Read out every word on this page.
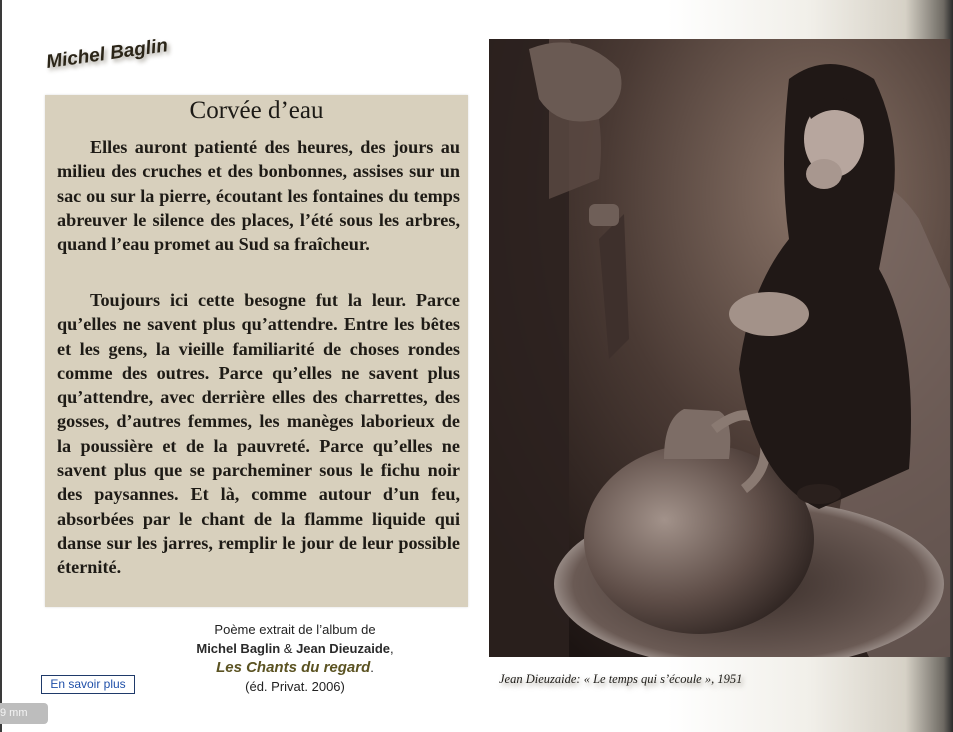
Michel Baglin
Corvée d’eau

Elles auront patienté des heures, des jours au milieu des cruches et des bonbonnes, assises sur un sac ou sur la pierre, écoutant les fontaines du temps abreuver le silence des places, l’été sous les arbres, quand l’eau promet au Sud sa fraîcheur.

Toujours ici cette besogne fut la leur. Parce qu’elles ne savent plus qu’attendre. Entre les bêtes et les gens, la vieille familiarité de choses rondes comme des outres. Parce qu’elles ne savent plus qu’attendre, avec derrière elles des charrettes, des gosses, d’autres femmes, les manèges laborieux de la poussière et de la pauvreté. Parce qu’elles ne savent plus que se parcheminer sous le fichu noir des paysannes. Et là, comme autour d’un feu, absorbées par le chant de la flamme liquide qui danse sur les jarres, remplir le jour de leur possible éternité.

Poème extrait de l’album de
Michel Baglin & Jean Dieuzaide,
Les Chants du regard.
(éd. Privat. 2006)
En savoir plus
9 mm
Jean Dieuzaide: « Le temps qui s’écoule », 1951
